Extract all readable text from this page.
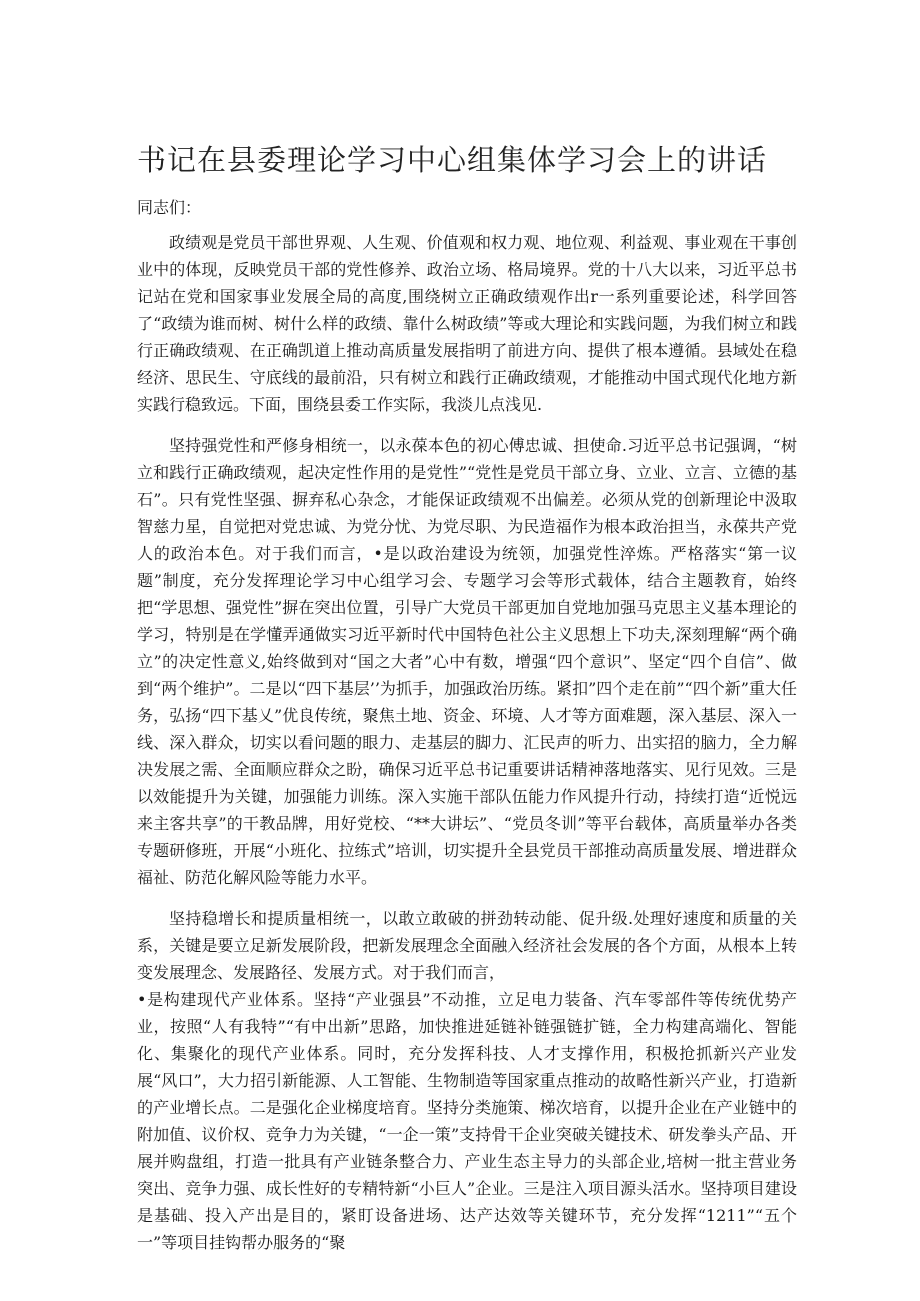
书记在县委理论学习中心组集体学习会上的讲话

同志们：

政绩观是党员干部世界观、人生观、价值观和权力观、地位观、利益观、事业观在干事创业中的体现，反映党员干部的党性修养、政治立场、格局境界。党的十八大以来，习近平总书记站在党和国家事业发展全局的高度,围绕树立正确政绩观作出r一系列重要论述，科学回答了“政绩为谁而树、树什么样的政绩、靠什么树政绩”等或大理论和实践问题，为我们树立和践行正确政绩观、在正确凯道上推动高质量发展指明了前进方向、提供了根本遵循。县域处在稳经济、思民生、守底线的最前沿，只有树立和践行正确政绩观，才能推动中国式现代化地方新实践行稳致远。下面，围绕县委工作实际，我淡儿点浅见.

坚持强党性和严修身相统一，以永葆本色的初心傅忠诚、担使命.习近平总书记强调，“树立和践行正确政绩观，起决定性作用的是党性”“党性是党员干部立身、立业、立言、立德的基石”。只有党性坚强、摒弃私心杂念，才能保证政绩观不出偏差。必须从党的创新理论中汲取智慈力星，自觉把对党忠诚、为党分忧、为党尽职、为民造福作为根本政治担当，永葆共产党人的政治本色。对于我们而言，•是以政治建设为统领，加强党性淬炼。严格落实“第一议题”制度，充分发挥理论学习中心组学习会、专题学习会等形式载体，结合主题教育，始终把“学思想、强党性”摒在突出位置，引导广大党员干部更加自党地加强马克思主义基本理论的学习，特别是在学懂弄通做实习近平新时代中国特色社公主义思想上下功夫,深刻理解“两个确立”的决定性意义,始终做到对“国之大者”心中有数，增强“四个意识”、坚定“四个自信”、做到“两个维护”。二是以“四下基层’’为抓手，加强政治历练。紧扣”四个走在前”“四个新”重大任务，弘扬“四下基乂”优良传统，聚焦土地、资金、环境、人才等方面难题，深入基层、深入一线、深入群众，切实以看问题的眼力、走基层的脚力、汇民声的听力、出实招的脑力，全力解决发展之需、全面顺应群众之盼，确保习近平总书记重要讲话精神落地落实、见行见效。三是以效能提升为关键，加强能力训练。深入实施干部队伍能力作风提升行动，持续打造“近悦远来主客共享”的干教品牌，用好党校、“**大讲坛”、“党员冬训”等平台载体，高质量举办各类专题研修班，开展“小班化、拉练式”培训，切实提升全县党员干部推动高质量发展、增进群众福祉、防范化解风险等能力水平。

坚持稳增长和提质量相统一，以敢立敢破的拼劲转动能、促升级.处理好速度和质量的关系，关键是要立足新发展阶段，把新发展理念全面融入经济社会发展的各个方面，从根本上转变发展理念、发展路径、发展方式。对于我们而言，

•是构建现代产业体系。坚持“产业强县”不动推，立足电力装备、汽车零部件等传统优势产业，按照“人有我特”“有中出新”思路，加快推进延链补链强链扩链，全力构建高端化、智能化、集聚化的现代产业体系。同时，充分发挥科技、人才支撑作用，积极抢抓新兴产业发展“风口”，大力招引新能源、人工智能、生物制造等国家重点推动的故略性新兴产业，打造新的产业增长点。二是强化企业梯度培育。坚持分类施策、梯次培育，以提升企业在产业链中的附加值、议价权、竞争力为关键，“一企一策”支持骨干企业突破关键技术、研发拳头产品、开展并购盘组，打造一批具有产业链条整合力、产业生态主导力的头部企业,培树一批主营业务突出、竞争力强、成长性好的专精特新“小巨人”企业。三是注入项目源头活水。坚持项目建设是基础、投入产出是目的，紧盯设备进场、达产达效等关键环节，充分发挥“1211”“五个一”等项目挂钩帮办服务的“聚
